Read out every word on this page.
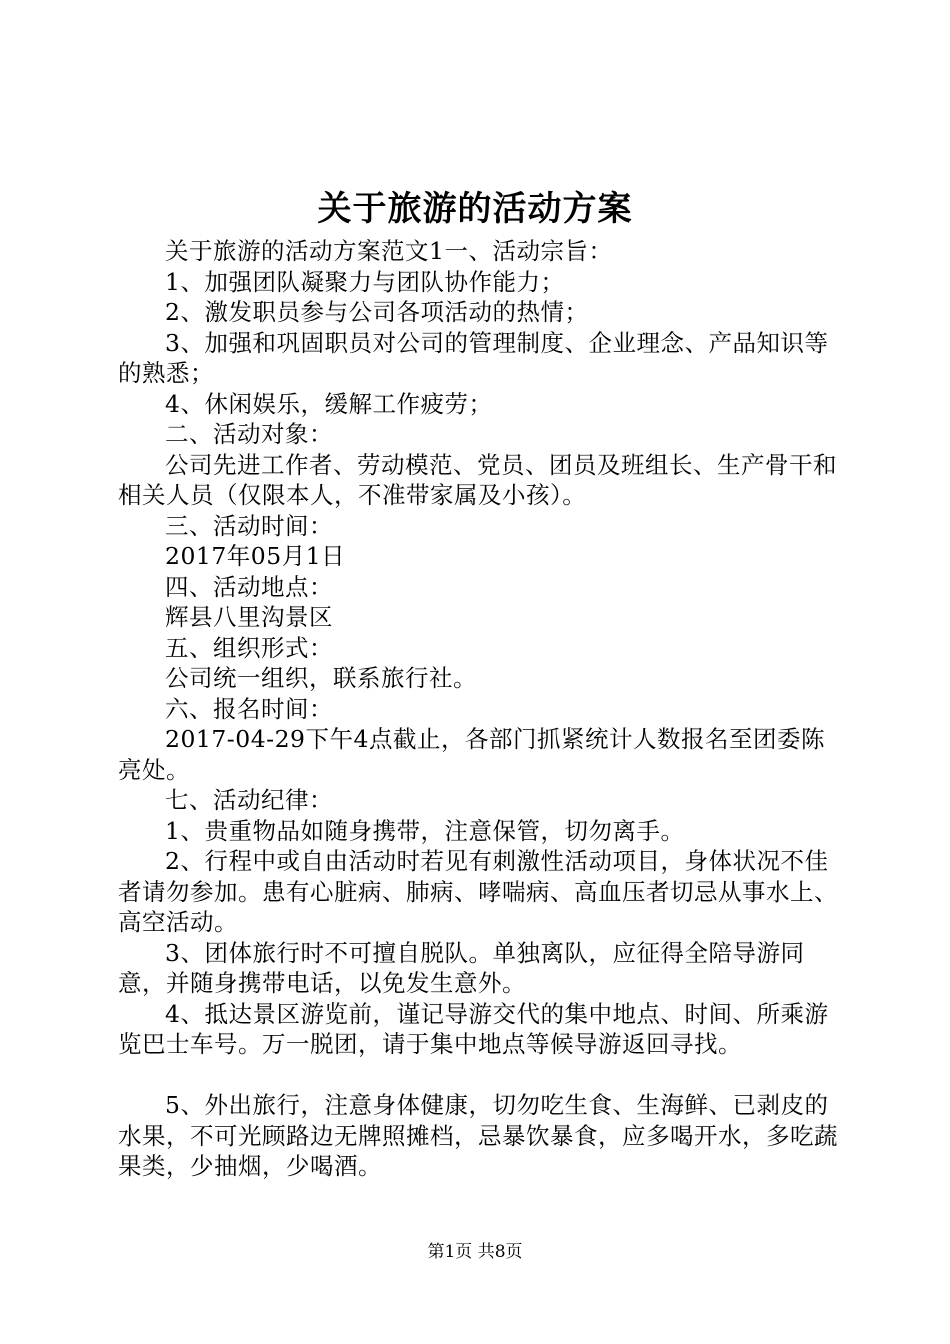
关于旅游的活动方案

关于旅游的活动方案范文1一、活动宗旨：

1、加强团队凝聚力与团队协作能力；

2、激发职员参与公司各项活动的热情；

3、加强和巩固职员对公司的管理制度、企业理念、产品知识等的熟悉；

4、休闲娱乐，缓解工作疲劳；

二、活动对象：

公司先进工作者、劳动模范、党员、团员及班组长、生产骨干和相关人员（仅限本人，不准带家属及小孩）。

三、活动时间：

2017年05月1日

四、活动地点：

辉县八里沟景区

五、组织形式：

公司统一组织，联系旅行社。

六、报名时间：

2017-04-29下午4点截止，各部门抓紧统计人数报名至团委陈亮处。

七、活动纪律：

1、贵重物品如随身携带，注意保管，切勿离手。

2、行程中或自由活动时若见有刺激性活动项目，身体状况不佳者请勿参加。患有心脏病、肺病、哮喘病、高血压者切忌从事水上、高空活动。

3、团体旅行时不可擅自脱队。单独离队，应征得全陪导游同意，并随身携带电话，以免发生意外。

4、抵达景区游览前，谨记导游交代的集中地点、时间、所乘游览巴士车号。万一脱团，请于集中地点等候导游返回寻找。

5、外出旅行，注意身体健康，切勿吃生食、生海鲜、已剥皮的水果，不可光顾路边无牌照摊档，忌暴饮暴食，应多喝开水，多吃蔬果类，少抽烟，少喝酒。

第1页 共8页
